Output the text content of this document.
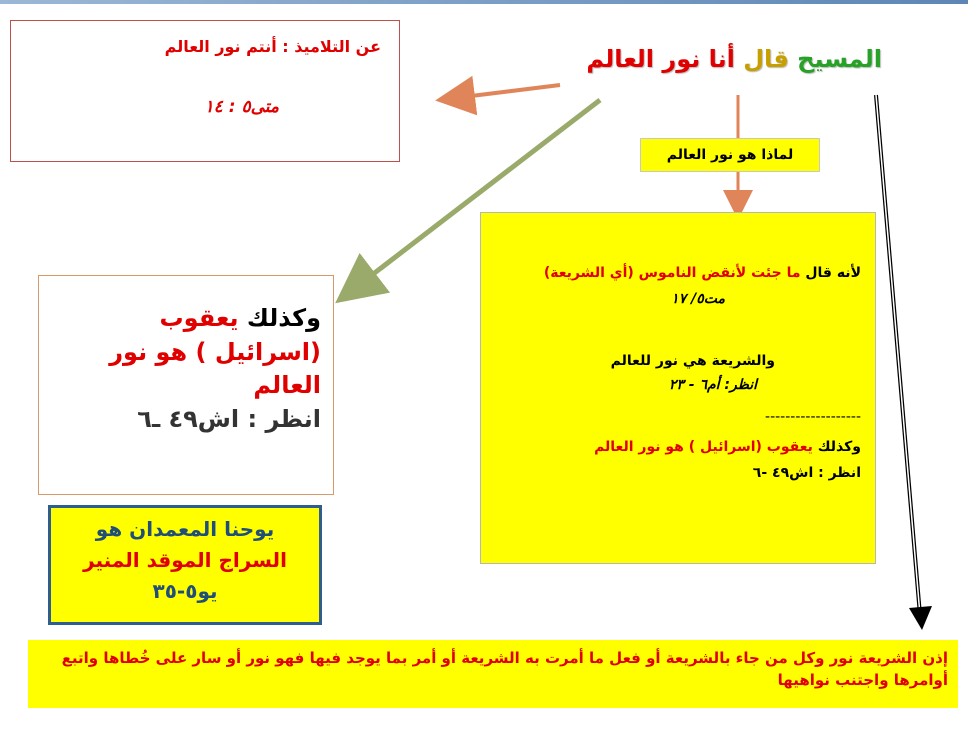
عن التلاميذ : أنتم نور العالم
متى٥ : ١٤
المسيح قال أنا نور العالم
لماذا هو نور العالم
لأنه قال ما جئت لأنقض الناموس (أي الشريعة)
مت٥/ ١٧
والشريعة هي نور للعالم
انظر: أم٦ - ٢٣
-------------------
وكذلك يعقوب (اسرائيل ) هو نور العالم
انظر : اش٤٩ -٦
وكذلك يعقوب (اسرائيل ) هو نور العالم
انظر : اش٤٩ ـ٦
يوحنا المعمدان هو
السراج الموقد المنير
يو٥-٣٥
إذن الشريعة نور وكل من جاء بالشريعة أو فعل ما أمرت به الشريعة أو أمر بما يوجد فيها فهو نور أو سار على خُطاها واتبع أوامرها واجتنب نواهيها
